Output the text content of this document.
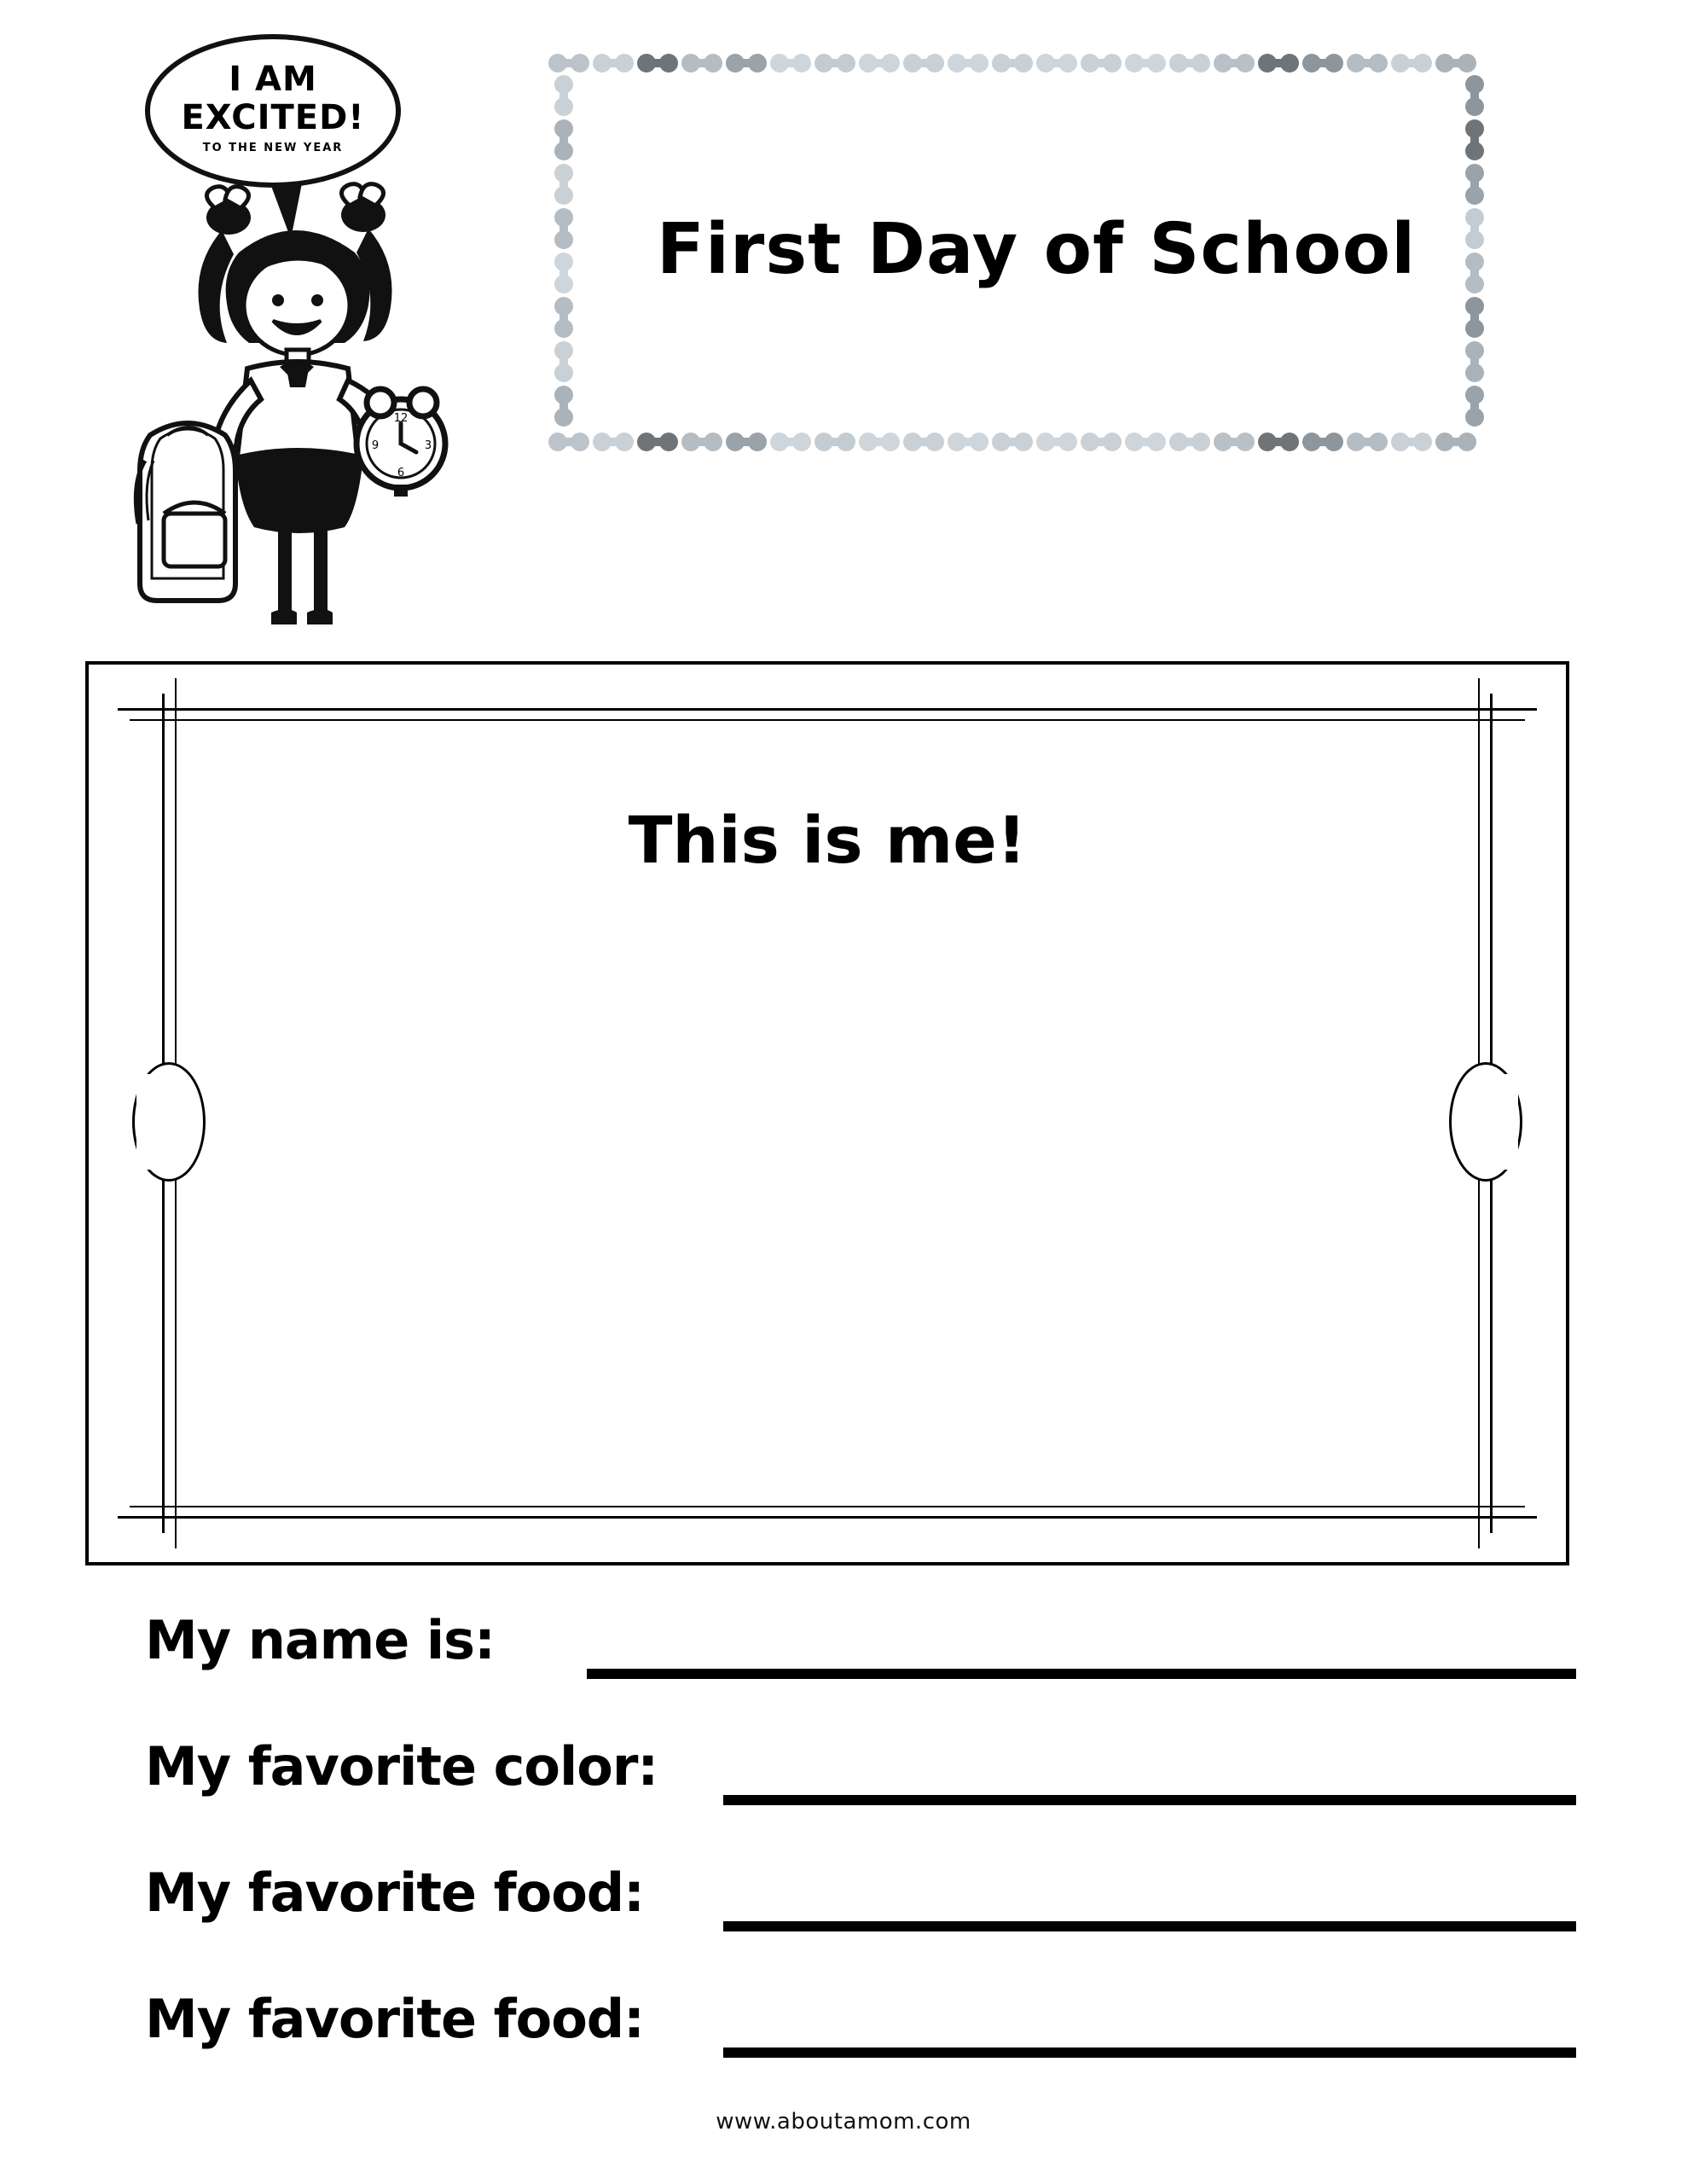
I AM
EXCITED!
TO THE NEW YEAR
12
3
6
9
First Day of School
This is me!
My name is:
My favorite color:
My favorite food:
My favorite food:
www.aboutamom.com
